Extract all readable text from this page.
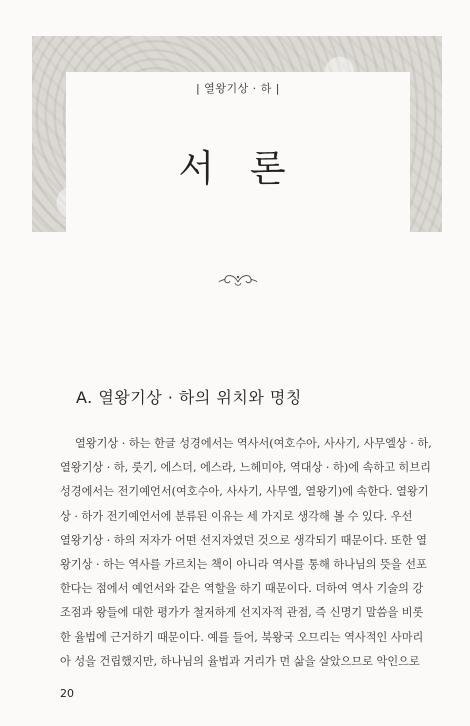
| 열왕기상 · 하 |
서 론
A. 열왕기상 · 하의 위치와 명칭
열왕기상 · 하는 한글 성경에서는 역사서(여호수아, 사사기, 사무엘상 · 하,
열왕기상 · 하, 룻기, 에스더, 에스라, 느헤미야, 역대상 · 하)에 속하고 히브리
성경에서는 전기예언서(여호수아, 사사기, 사무엘, 열왕기)에 속한다. 열왕기
상 · 하가 전기예언서에 분류된 이유는 세 가지로 생각해 볼 수 있다. 우선
열왕기상 · 하의 저자가 어떤 선지자였던 것으로 생각되기 때문이다. 또한 열
왕기상 · 하는 역사를 가르치는 책이 아니라 역사를 통해 하나님의 뜻을 선포
한다는 점에서 예언서와 같은 역할을 하기 때문이다. 더하여 역사 기술의 강
조점과 왕들에 대한 평가가 철저하게 선지자적 관점, 즉 신명기 말씀을 비롯
한 율법에 근거하기 때문이다. 예를 들어, 북왕국 오므리는 역사적인 사마리
아 성을 건립했지만, 하나님의 율법과 거리가 먼 삶을 살았으므로 악인으로
20
